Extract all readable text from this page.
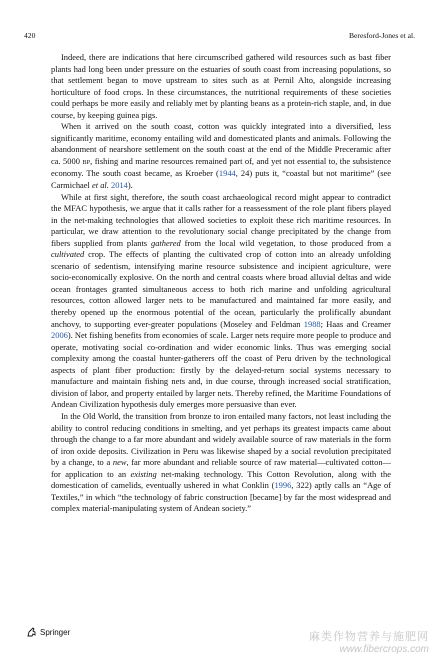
420	Beresford-Jones et al.

Indeed, there are indications that here circumscribed gathered wild resources such as bast fiber plants had long been under pressure on the estuaries of south coast from increasing populations, so that settlement began to move upstream to sites such as at Pernil Alto, alongside increasing horticulture of food crops. In these circumstances, the nutritional requirements of these societies could perhaps be more easily and reliably met by planting beans as a protein-rich staple, and, in due course, by keeping guinea pigs.

When it arrived on the south coast, cotton was quickly integrated into a diversified, less significantly maritime, economy entailing wild and domesticated plants and animals. Following the abandonment of nearshore settlement on the south coast at the end of the Middle Preceramic after ca. 5000 BP, fishing and marine resources remained part of, and yet not essential to, the subsistence economy. The south coast became, as Kroeber (1944, 24) puts it, “coastal but not maritime” (see Carmichael et al. 2014).

While at first sight, therefore, the south coast archaeological record might appear to contradict the MFAC hypothesis, we argue that it calls rather for a reassessment of the role plant fibers played in the net-making technologies that allowed societies to exploit these rich maritime resources. In particular, we draw attention to the revolutionary social change precipitated by the change from fibers supplied from plants gathered from the local wild vegetation, to those produced from a cultivated crop. The effects of planting the cultivated crop of cotton into an already unfolding scenario of sedentism, intensifying marine resource subsistence and incipient agriculture, were socio-economically explosive. On the north and central coasts where broad alluvial deltas and wide ocean frontages granted simultaneous access to both rich marine and unfolding agricultural resources, cotton allowed larger nets to be manufactured and maintained far more easily, and thereby opened up the enormous potential of the ocean, particularly the prolifically abundant anchovy, to supporting ever-greater populations (Moseley and Feldman 1988; Haas and Creamer 2006). Net fishing benefits from economies of scale. Larger nets require more people to produce and operate, motivating social co-ordination and wider economic links. Thus was emerging social complexity among the coastal hunter-gatherers off the coast of Peru driven by the technological aspects of plant fiber production: firstly by the delayed-return social systems necessary to manufacture and maintain fishing nets and, in due course, through increased social stratification, division of labor, and property entailed by larger nets. Thereby refined, the Maritime Foundations of Andean Civilization hypothesis duly emerges more persuasive than ever.

In the Old World, the transition from bronze to iron entailed many factors, not least including the ability to control reducing conditions in smelting, and yet perhaps its greatest impacts came about through the change to a far more abundant and widely available source of raw materials in the form of iron oxide deposits. Civilization in Peru was likewise shaped by a social revolution precipitated by a change, to a new, far more abundant and reliable source of raw material—cultivated cotton—for application to an existing net-making technology. This Cotton Revolution, along with the domestication of camelids, eventually ushered in what Conklin (1996, 322) aptly calls an “Age of Textiles,” in which “the technology of fabric construction [became] by far the most widespread and complex material-manipulating system of Andean society.”

Springer	麻类作物营养与施肥网
www.fibercrops.com
